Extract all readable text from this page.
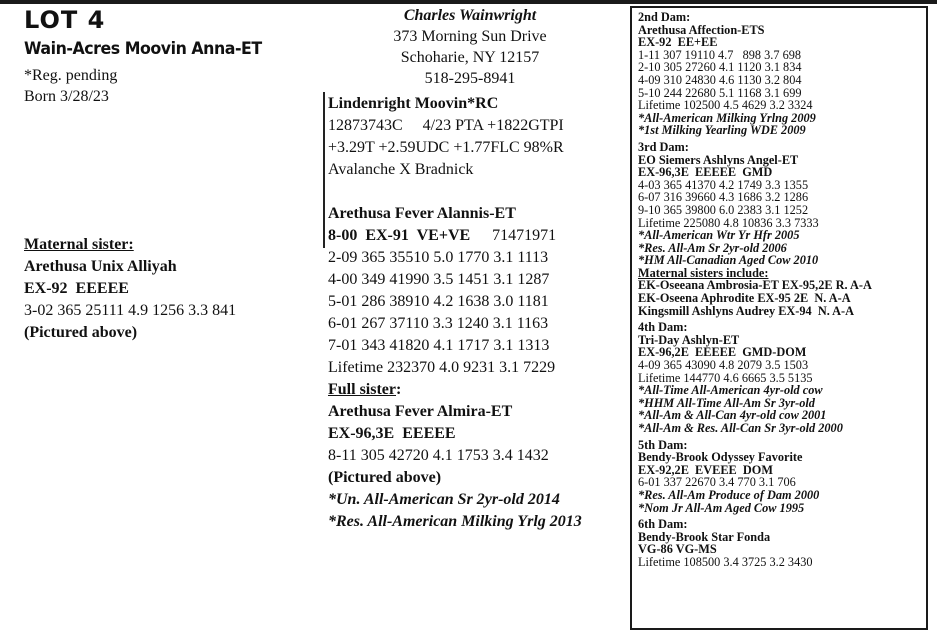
LOT 4
Wain-Acres Moovin Anna-ET
*Reg. pending
Born 3/28/23
Maternal sister:
Arethusa Unix Alliyah
EX-92  EEEEE
3-02 365 25111 4.9 1256 3.3 841
(Pictured above)
Charles Wainwright
373 Morning Sun Drive
Schoharie, NY 12157
518-295-8941
Lindenright Moovin*RC
12873743C     4/23 PTA +1822GTPI
+3.29T +2.59UDC +1.77FLC 98%R
Avalanche X Bradnick
Arethusa Fever Alannis-ET
8-00  EX-91  VE+VE 71471971
2-09 365 35510 5.0 1770 3.1 1113
4-00 349 41990 3.5 1451 3.1 1287
5-01 286 38910 4.2 1638 3.0 1181
6-01 267 37110 3.3 1240 3.1 1163
7-01 343 41820 4.1 1717 3.1 1313
Lifetime 232370 4.0 9231 3.1 7229
Full sister:
Arethusa Fever Almira-ET
EX-96,3E  EEEEE
8-11 305 42720 4.1 1753 3.4 1432
(Pictured above)
*Un. All-American Sr 2yr-old 2014
*Res. All-American Milking Yrlg 2013
2nd Dam:
Arethusa Affection-ETS
EX-92  EE+EE
1-11 307 19110 4.7   898 3.7 698
2-10 305 27260 4.1 1120 3.1 834
4-09 310 24830 4.6 1130 3.2 804
5-10 244 22680 5.1 1168 3.1 699
Lifetime 102500 4.5 4629 3.2 3324
*All-American Milking Yrlng 2009
*1st Milking Yearling WDE 2009
3rd Dam:
EO Siemers Ashlyns Angel-ET
EX-96,3E  EEEEE  GMD
4-03 365 41370 4.2 1749 3.3 1355
6-07 316 39660 4.3 1686 3.2 1286
9-10 365 39800 6.0 2383 3.1 1252
Lifetime 225080 4.8 10836 3.3 7333
*All-American Wtr Yr Hfr 2005
*Res. All-Am Sr 2yr-old 2006
*HM All-Canadian Aged Cow 2010
Maternal sisters include:
EK-Oseeana Ambrosia-ET EX-95,2E R. A-A
EK-Oseena Aphrodite EX-95 2E  N. A-A
Kingsmill Ashlyns Audrey EX-94  N. A-A
4th Dam:
Tri-Day Ashlyn-ET
EX-96,2E  EEEEE  GMD-DOM
4-09 365 43090 4.8 2079 3.5 1503
Lifetime 144770 4.6 6665 3.5 5135
*All-Time All-American 4yr-old cow
*HHM All-Time All-Am Sr 3yr-old
*All-Am & All-Can 4yr-old cow 2001
*All-Am & Res. All-Can Sr 3yr-old 2000
5th Dam:
Bendy-Brook Odyssey Favorite
EX-92,2E  EVEEE  DOM
6-01 337 22670 3.4 770 3.1 706
*Res. All-Am Produce of Dam 2000
*Nom Jr All-Am Aged Cow 1995
6th Dam:
Bendy-Brook Star Fonda
VG-86 VG-MS
Lifetime 108500 3.4 3725 3.2 3430
